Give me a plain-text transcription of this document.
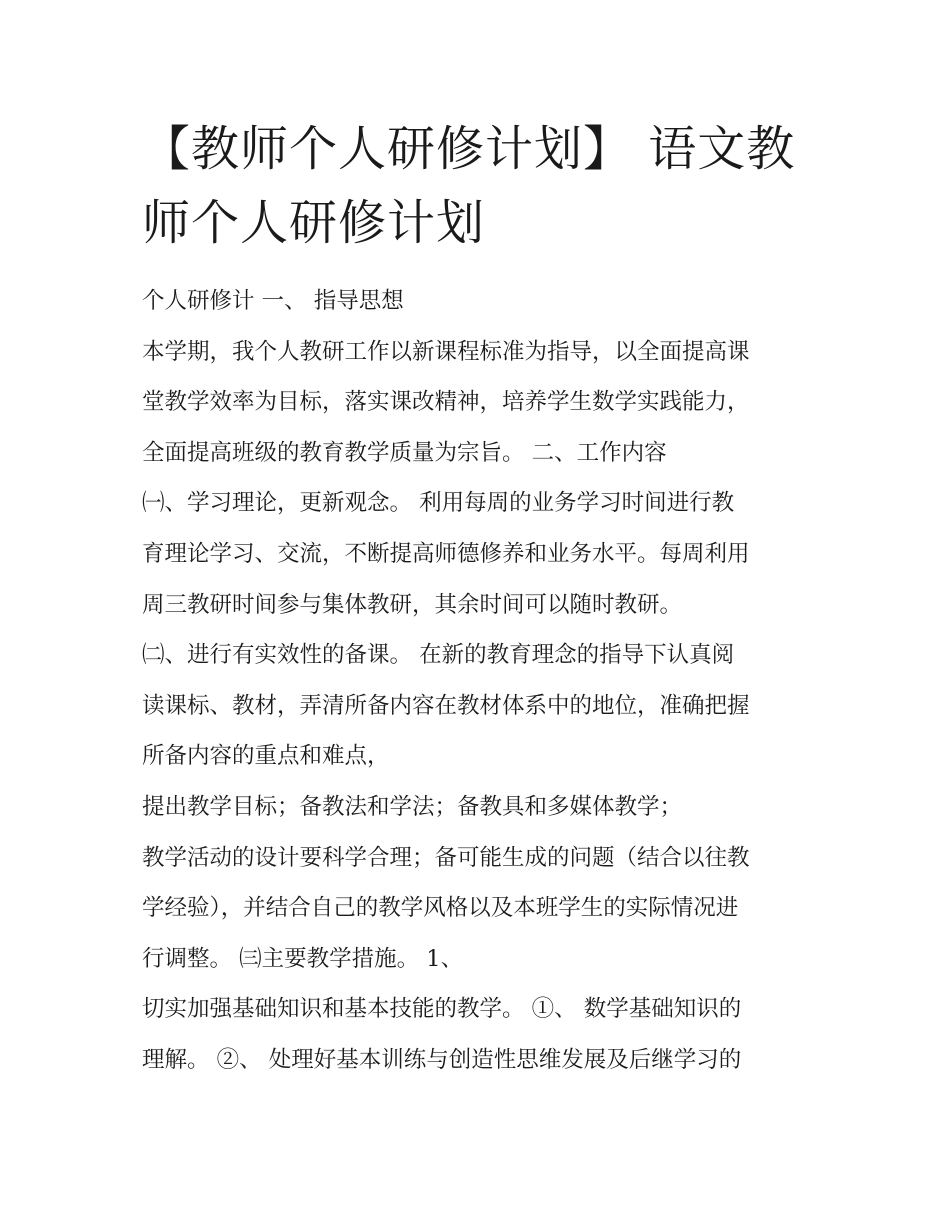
【教师个人研修计划】 语文教
师个人研修计划

个人研修计 一、 指导思想

本学期，我个人教研工作以新课程标准为指导，以全面提高课

堂教学效率为目标，落实课改精神，培养学生数学实践能力，

全面提高班级的教育教学质量为宗旨。 二、工作内容

㈠、学习理论，更新观念。 利用每周的业务学习时间进行教

育理论学习、交流，不断提高师德修养和业务水平。每周利用

周三教研时间参与集体教研，其余时间可以随时教研。

㈡、进行有实效性的备课。 在新的教育理念的指导下认真阅

读课标、教材，弄清所备内容在教材体系中的地位，准确把握

所备内容的重点和难点，

提出教学目标；备教法和学法；备教具和多媒体教学；

教学活动的设计要科学合理；备可能生成的问题（结合以往教

学经验），并结合自己的教学风格以及本班学生的实际情况进

行调整。 ㈢主要教学措施。 1、

切实加强基础知识和基本技能的教学。 ①、 数学基础知识的

理解。 ②、 处理好基本训练与创造性思维发展及后继学习的
